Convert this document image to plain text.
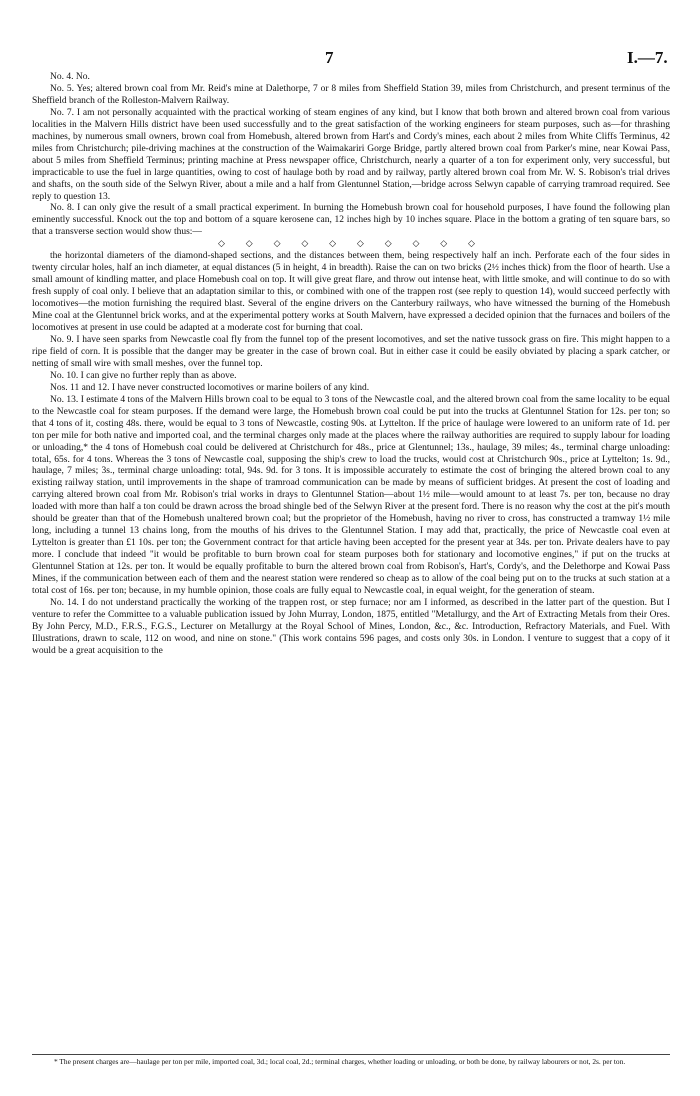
7	I.—7.

No. 4. No.

No. 5. Yes; altered brown coal from Mr. Reid's mine at Dalethorpe, 7 or 8 miles from Sheffield Station 39, miles from Christchurch, and present terminus of the Sheffield branch of the Rolleston-Malvern Railway.

No. 7. I am not personally acquainted with the practical working of steam engines of any kind, but I know that both brown and altered brown coal from various localities in the Malvern Hills district have been used successfully and to the great satisfaction of the working engineers for steam purposes, such as—for thrashing machines, by numerous small owners, brown coal from Homebush, altered brown from Hart's and Cordy's mines, each about 2 miles from White Cliffs Terminus, 42 miles from Christchurch; pile-driving machines at the construction of the Waimakariri Gorge Bridge, partly altered brown coal from Parker's mine, near Kowai Pass, about 5 miles from Sheffield Terminus; printing machine at Press newspaper office, Christchurch, nearly a quarter of a ton for experiment only, very successful, but impracticable to use the fuel in large quantities, owing to cost of haulage both by road and by railway, partly altered brown coal from Mr. W. S. Robison's trial drives and shafts, on the south side of the Selwyn River, about a mile and a half from Glentunnel Station,—bridge across Selwyn capable of carrying tramroad required. See reply to question 13.

No. 8. I can only give the result of a small practical experiment. In burning the Homebush brown coal for household purposes, I have found the following plan eminently successful. Knock out the top and bottom of a square kerosene can, 12 inches high by 10 inches square. Place in the bottom a grating of ten square bars, so that a transverse section would show thus:—

◇ ◇ ◇ ◇ ◇ ◇ ◇ ◇ ◇ ◇

the horizontal diameters of the diamond-shaped sections, and the distances between them, being respectively half an inch. Perforate each of the four sides in twenty circular holes, half an inch diameter, at equal distances (5 in height, 4 in breadth). Raise the can on two bricks (2½ inches thick) from the floor of hearth. Use a small amount of kindling matter, and place Homebush coal on top. It will give great flare, and throw out intense heat, with little smoke, and will continue to do so with fresh supply of coal only. I believe that an adaptation similar to this, or combined with one of the trappen rost (see reply to question 14), would succeed perfectly with locomotives—the motion furnishing the required blast. Several of the engine drivers on the Canterbury railways, who have witnessed the burning of the Homebush Mine coal at the Glentunnel brick works, and at the experimental pottery works at South Malvern, have expressed a decided opinion that the furnaces and boilers of the locomotives at present in use could be adapted at a moderate cost for burning that coal.

No. 9. I have seen sparks from Newcastle coal fly from the funnel top of the present locomotives, and set the native tussock grass on fire. This might happen to a ripe field of corn. It is possible that the danger may be greater in the case of brown coal. But in either case it could be easily obviated by placing a spark catcher, or netting of small wire with small meshes, over the funnel top.

No. 10. I can give no further reply than as above.

Nos. 11 and 12. I have never constructed locomotives or marine boilers of any kind.

No. 13. I estimate 4 tons of the Malvern Hills brown coal to be equal to 3 tons of the Newcastle coal, and the altered brown coal from the same locality to be equal to the Newcastle coal for steam purposes. If the demand were large, the Homebush brown coal could be put into the trucks at Glentunnel Station for 12s. per ton; so that 4 tons of it, costing 48s. there, would be equal to 3 tons of Newcastle, costing 90s. at Lyttelton. If the price of haulage were lowered to an uniform rate of 1d. per ton per mile for both native and imported coal, and the terminal charges only made at the places where the railway authorities are required to supply labour for loading or unloading,* the 4 tons of Homebush coal could be delivered at Christchurch for 48s., price at Glentunnel; 13s., haulage, 39 miles; 4s., terminal charge unloading: total, 65s. for 4 tons. Whereas the 3 tons of Newcastle coal, supposing the ship's crew to load the trucks, would cost at Christchurch 90s., price at Lyttelton; 1s. 9d., haulage, 7 miles; 3s., terminal charge unloading: total, 94s. 9d. for 3 tons. It is impossible accurately to estimate the cost of bringing the altered brown coal to any existing railway station, until improvements in the shape of tramroad communication can be made by means of sufficient bridges. At present the cost of loading and carrying altered brown coal from Mr. Robison's trial works in drays to Glentunnel Station—about 1½ mile—would amount to at least 7s. per ton, because no dray loaded with more than half a ton could be drawn across the broad shingle bed of the Selwyn River at the present ford. There is no reason why the cost at the pit's mouth should be greater than that of the Homebush unaltered brown coal; but the proprietor of the Homebush, having no river to cross, has constructed a tramway 1½ mile long, including a tunnel 13 chains long, from the mouths of his drives to the Glentunnel Station. I may add that, practically, the price of Newcastle coal even at Lyttelton is greater than £1 10s. per ton; the Government contract for that article having been accepted for the present year at 34s. per ton. Private dealers have to pay more. I conclude that indeed "it would be profitable to burn brown coal for steam purposes both for stationary and locomotive engines," if put on the trucks at Glentunnel Station at 12s. per ton. It would be equally profitable to burn the altered brown coal from Robison's, Hart's, Cordy's, and the Delethorpe and Kowai Pass Mines, if the communication between each of them and the nearest station were rendered so cheap as to allow of the coal being put on to the trucks at such station at a total cost of 16s. per ton; because, in my humble opinion, those coals are fully equal to Newcastle coal, in equal weight, for the generation of steam.

No. 14. I do not understand practically the working of the trappen rost, or step furnace; nor am I informed, as described in the latter part of the question. But I venture to refer the Committee to a valuable publication issued by John Murray, London, 1875, entitled "Metallurgy, and the Art of Extracting Metals from their Ores. By John Percy, M.D., F.R.S., F.G.S., Lecturer on Metallurgy at the Royal School of Mines, London, &c., &c. Introduction, Refractory Materials, and Fuel. With Illustrations, drawn to scale, 112 on wood, and nine on stone." (This work contains 596 pages, and costs only 30s. in London. I venture to suggest that a copy of it would be a great acquisition to the

* The present charges are—haulage per ton per mile, imported coal, 3d.; local coal, 2d.; terminal charges, whether loading or unloading, or both be done, by railway labourers or not, 2s. per ton.
